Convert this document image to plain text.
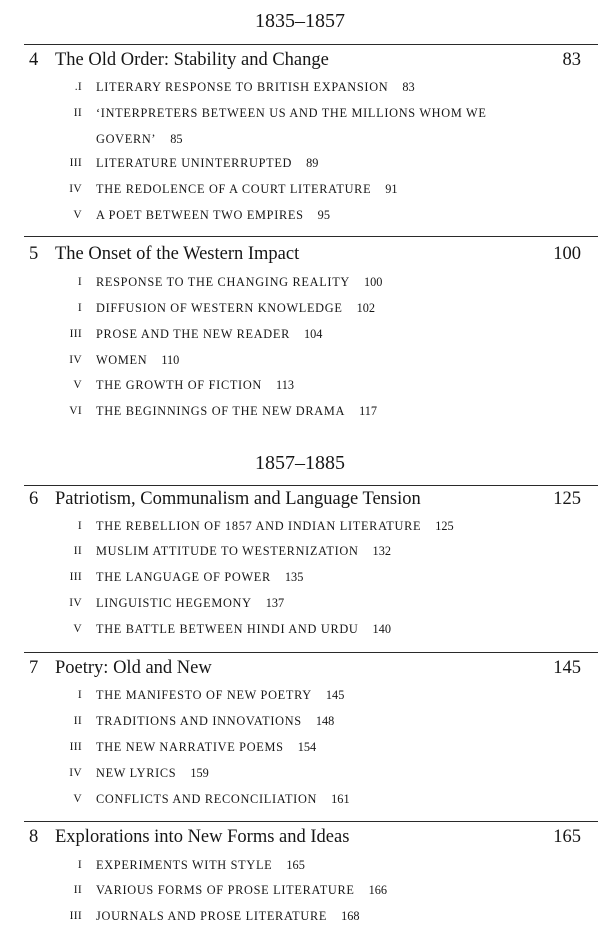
1835–1857
4 The Old Order: Stability and Change	83
.I LITERARY RESPONSE TO BRITISH EXPANSION 83
II ‘INTERPRETERS BETWEEN US AND THE MILLIONS WHOM WE GOVERN’ 85
III LITERATURE UNINTERRUPTED 89
IV THE REDOLENCE OF A COURT LITERATURE 91
V A POET BETWEEN TWO EMPIRES 95
5 The Onset of the Western Impact	100
I RESPONSE TO THE CHANGING REALITY 100
I DIFFUSION OF WESTERN KNOWLEDGE 102
III PROSE AND THE NEW READER 104
IV WOMEN 110
V THE GROWTH OF FICTION 113
VI THE BEGINNINGS OF THE NEW DRAMA 117
1857–1885
6 Patriotism, Communalism and Language Tension	125
I THE REBELLION OF 1857 AND INDIAN LITERATURE 125
II MUSLIM ATTITUDE TO WESTERNIZATION 132
III THE LANGUAGE OF POWER 135
IV LINGUISTIC HEGEMONY 137
V THE BATTLE BETWEEN HINDI AND URDU 140
7 Poetry: Old and New	145
I THE MANIFESTO OF NEW POETRY 145
II TRADITIONS AND INNOVATIONS 148
III THE NEW NARRATIVE POEMS 154
IV NEW LYRICS 159
V CONFLICTS AND RECONCILIATION 161
8 Explorations into New Forms and Ideas	165
I EXPERIMENTS WITH STYLE 165
II VARIOUS FORMS OF PROSE LITERATURE 166
III JOURNALS AND PROSE LITERATURE 168
